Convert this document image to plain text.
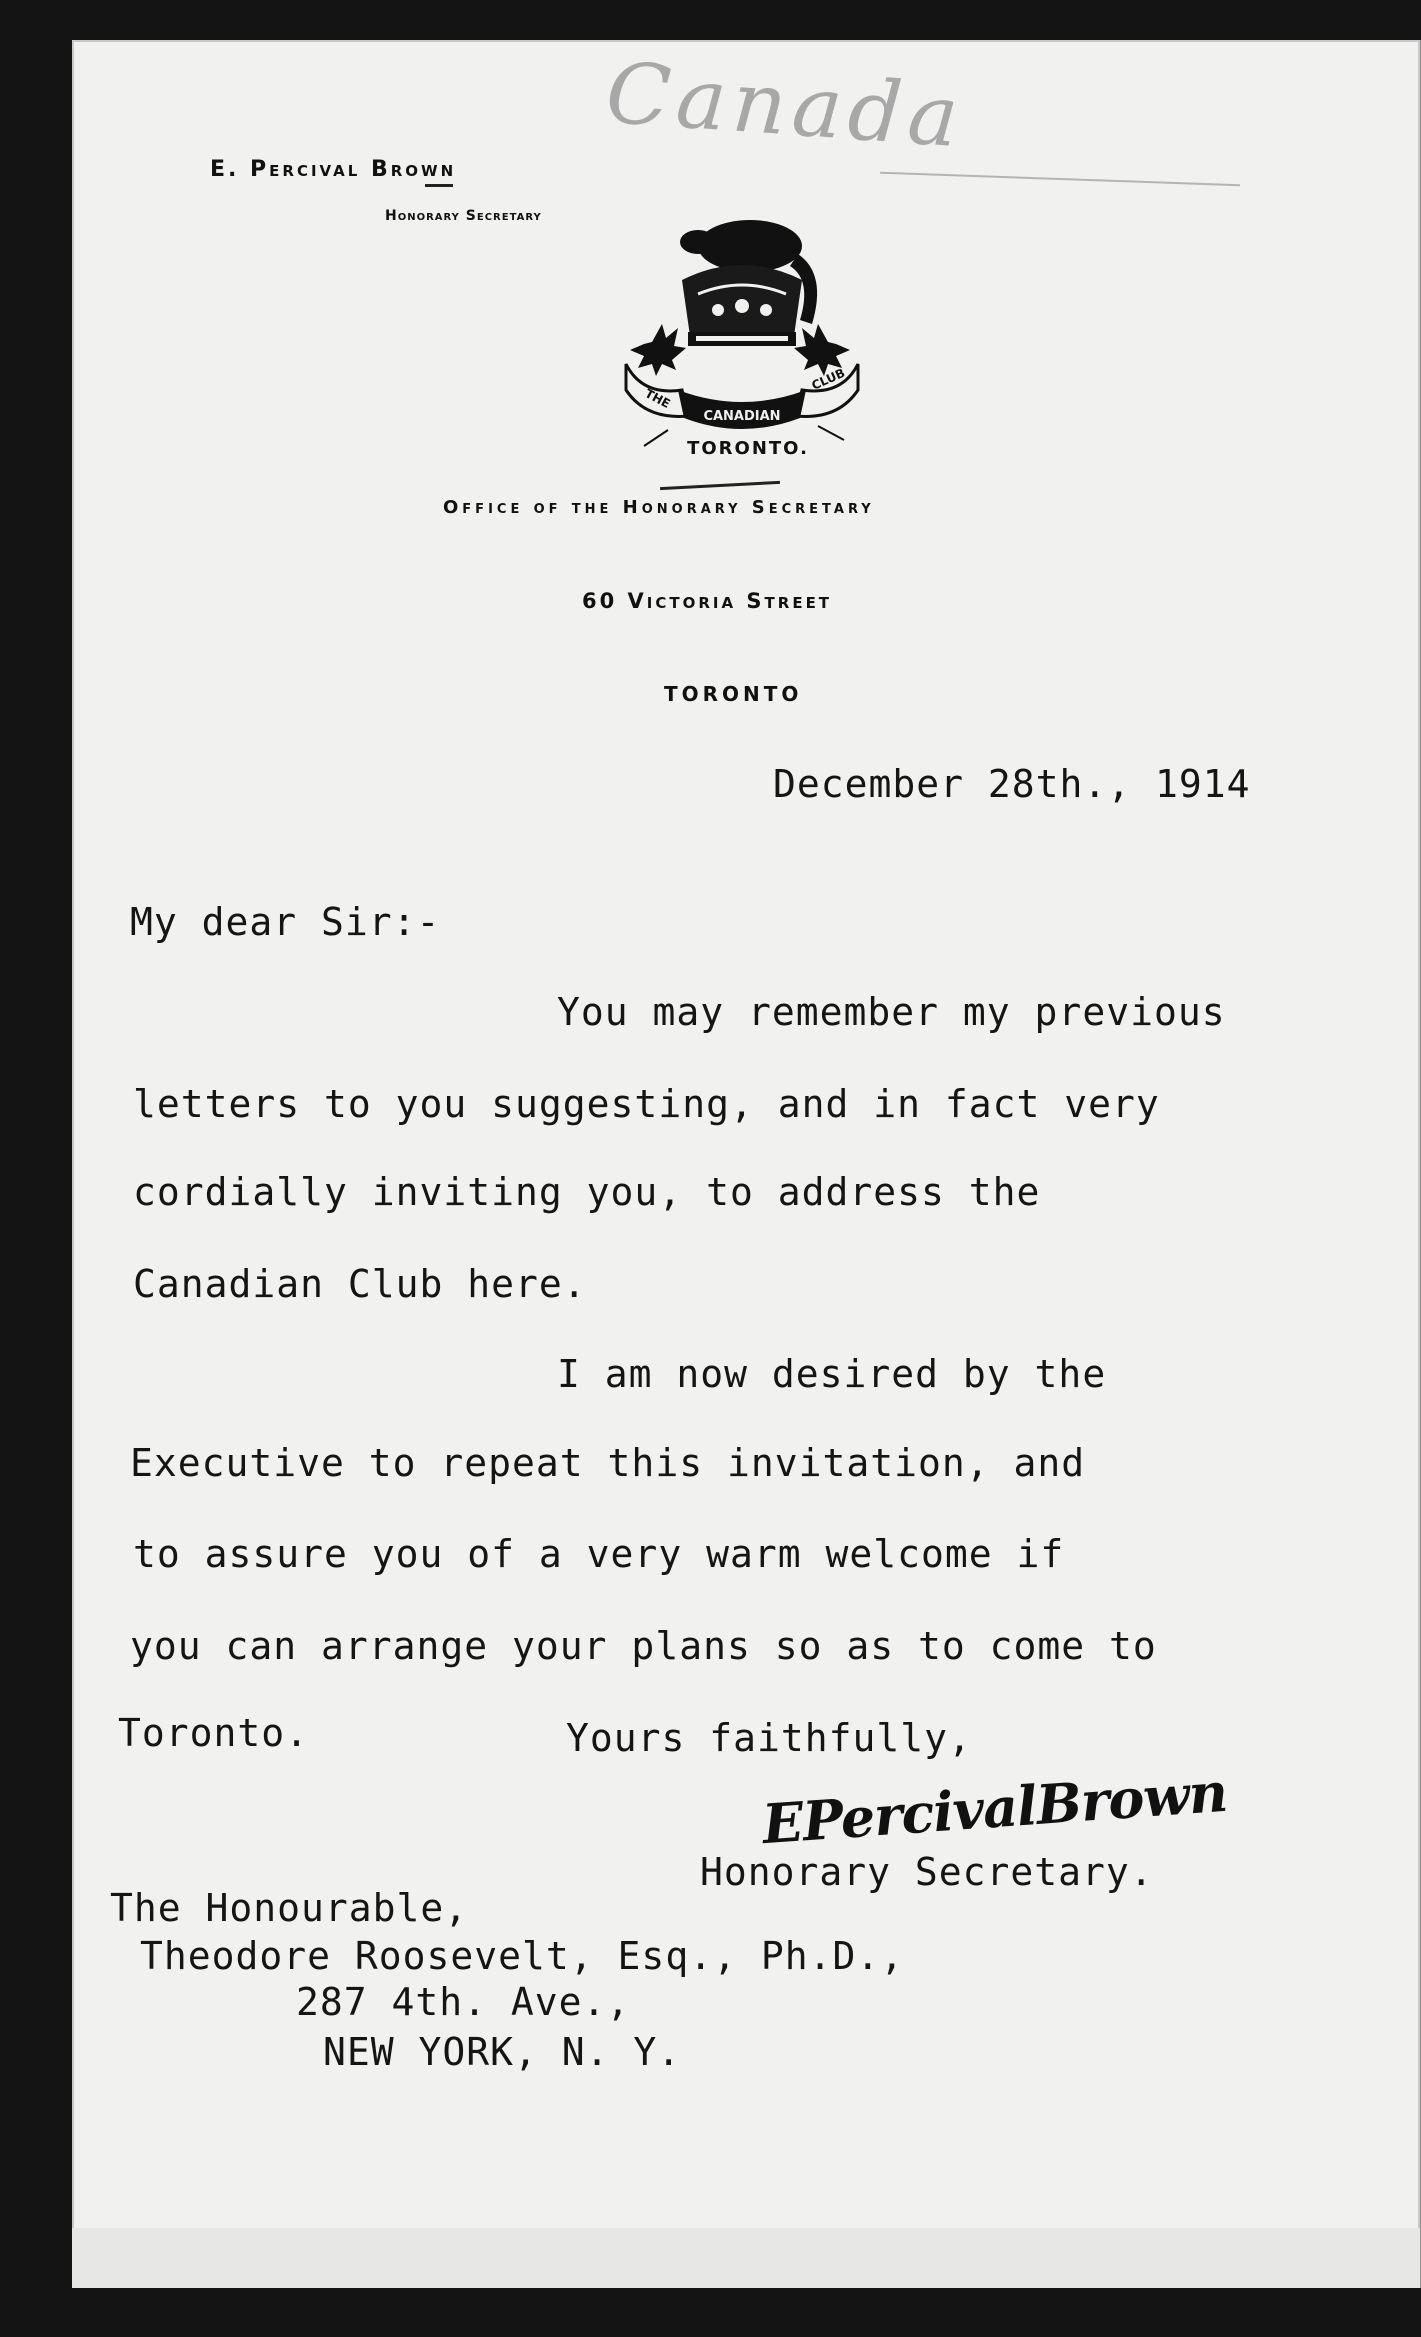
Canada
E. Percival Brown
Honorary Secretary
THE
CANADIAN
CLUB
TORONTO.
Office of the Honorary Secretary
60 Victoria Street
TORONTO
December 28th., 1914
My dear Sir:-
You may remember my previous
letters to you suggesting, and in fact very
cordially inviting you, to address the
Canadian Club here.
I am now desired by the
Executive to repeat this invitation, and
to assure you of a very warm welcome if
you can arrange your plans so as to come to
Toronto.	Yours faithfully,
EPercivalBrown
Honorary Secretary.
The Honourable,
Theodore Roosevelt, Esq., Ph.D.,
287 4th. Ave.,
NEW YORK, N. Y.
